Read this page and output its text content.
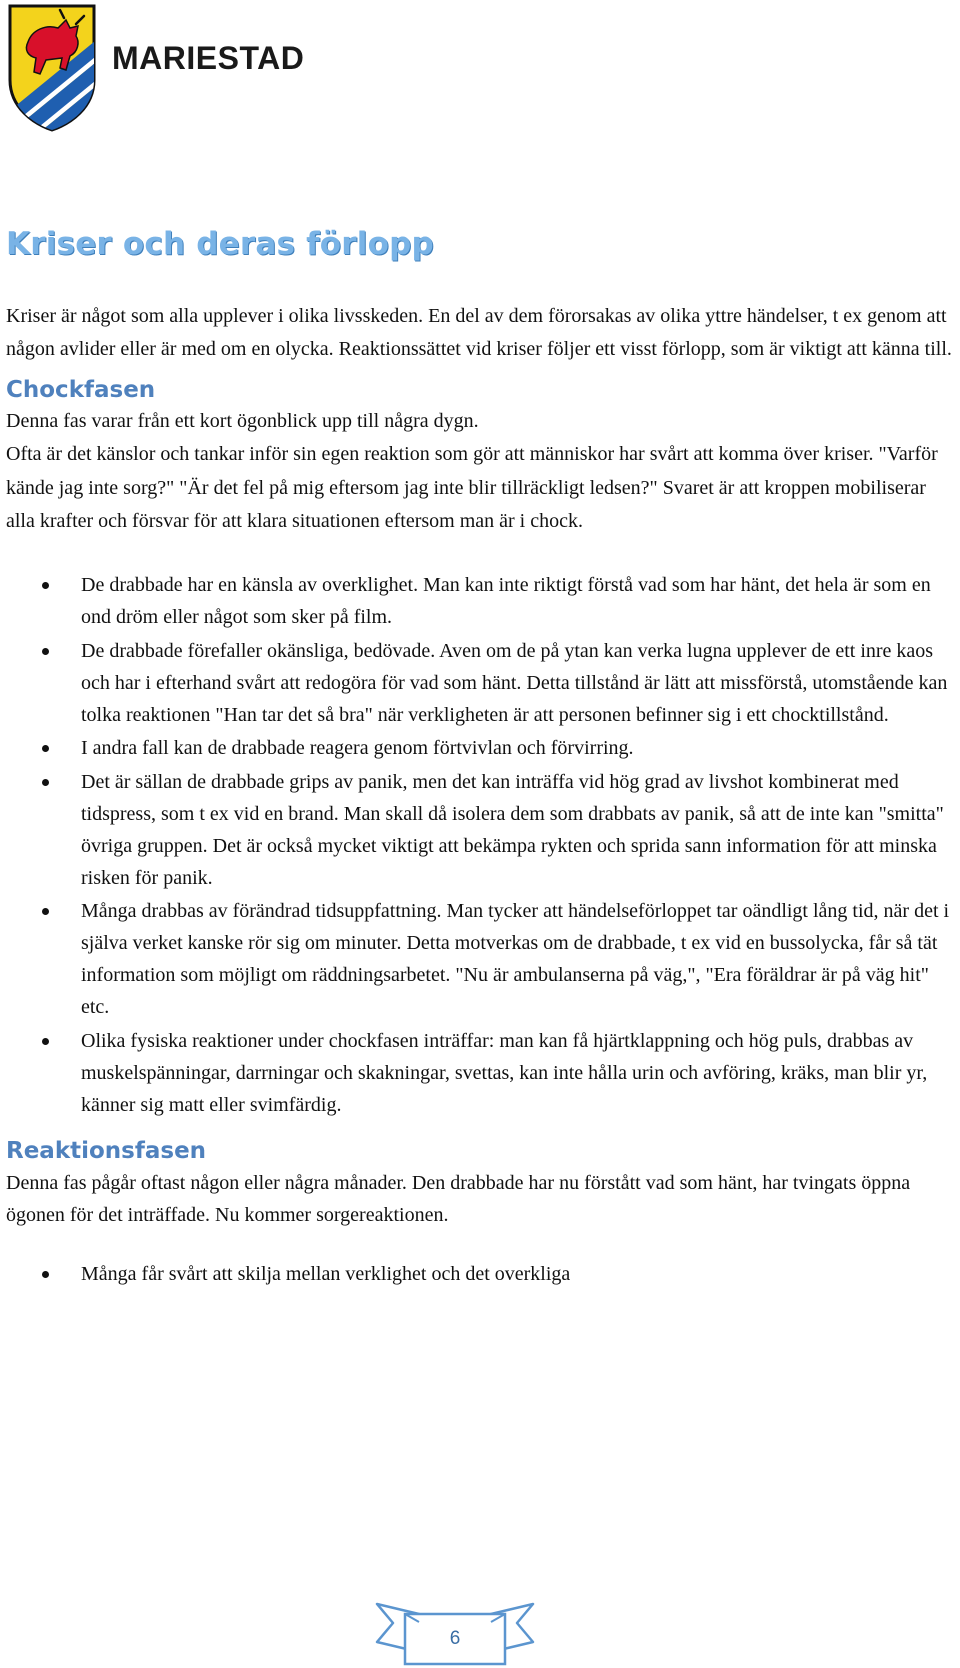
MARIESTAD
Kriser och deras förlopp

Kriser är något som alla upplever i olika livsskeden. En del av dem förorsakas av olika yttre händelser, t ex genom att någon avlider eller är med om en olycka. Reaktionssättet vid kriser följer ett visst förlopp, som är viktigt att känna till.

Chockfasen

Denna fas varar från ett kort ögonblick upp till några dygn.

Ofta är det känslor och tankar inför sin egen reaktion som gör att människor har svårt att komma över kriser. "Varför kände jag inte sorg?" "Är det fel på mig eftersom jag inte blir tillräckligt ledsen?" Svaret är att kroppen mobiliserar alla krafter och försvar för att klara situationen eftersom man är i chock.

De drabbade har en känsla av overklighet. Man kan inte riktigt förstå vad som har hänt, det hela är som en ond dröm eller något som sker på film.
De drabbade förefaller okänsliga, bedövade. Aven om de på ytan kan verka lugna upplever de ett inre kaos och har i efterhand svårt att redogöra för vad som hänt. Detta tillstånd är lätt att missförstå, utomstående kan tolka reaktionen "Han tar det så bra" när verkligheten är att personen befinner sig i ett chocktillstånd.
I andra fall kan de drabbade reagera genom förtvivlan och förvirring.
Det är sällan de drabbade grips av panik, men det kan inträffa vid hög grad av livshot kombinerat med tidspress, som t ex vid en brand. Man skall då isolera dem som drabbats av panik, så att de inte kan "smitta" övriga gruppen. Det är också mycket viktigt att bekämpa rykten och sprida sann information för att minska risken för panik.
Många drabbas av förändrad tidsuppfattning. Man tycker att händelseförloppet tar oändligt lång tid, när det i själva verket kanske rör sig om minuter. Detta motverkas om de drabbade, t ex vid en bussolycka, får så tät information som möjligt om räddningsarbetet. "Nu är ambulanserna på väg,", "Era föräldrar är på väg hit" etc.
Olika fysiska reaktioner under chockfasen inträffar: man kan få hjärtklappning och hög puls, drabbas av muskelspänningar, darrningar och skakningar, svettas, kan inte hålla urin och avföring, kräks, man blir yr, känner sig matt eller svimfärdig.
Reaktionsfasen

Denna fas pågår oftast någon eller några månader. Den drabbade har nu förstått vad som hänt, har tvingats öppna ögonen för det inträffade. Nu kommer sorgereaktionen.

Många får svårt att skilja mellan verklighet och det overkliga
6
